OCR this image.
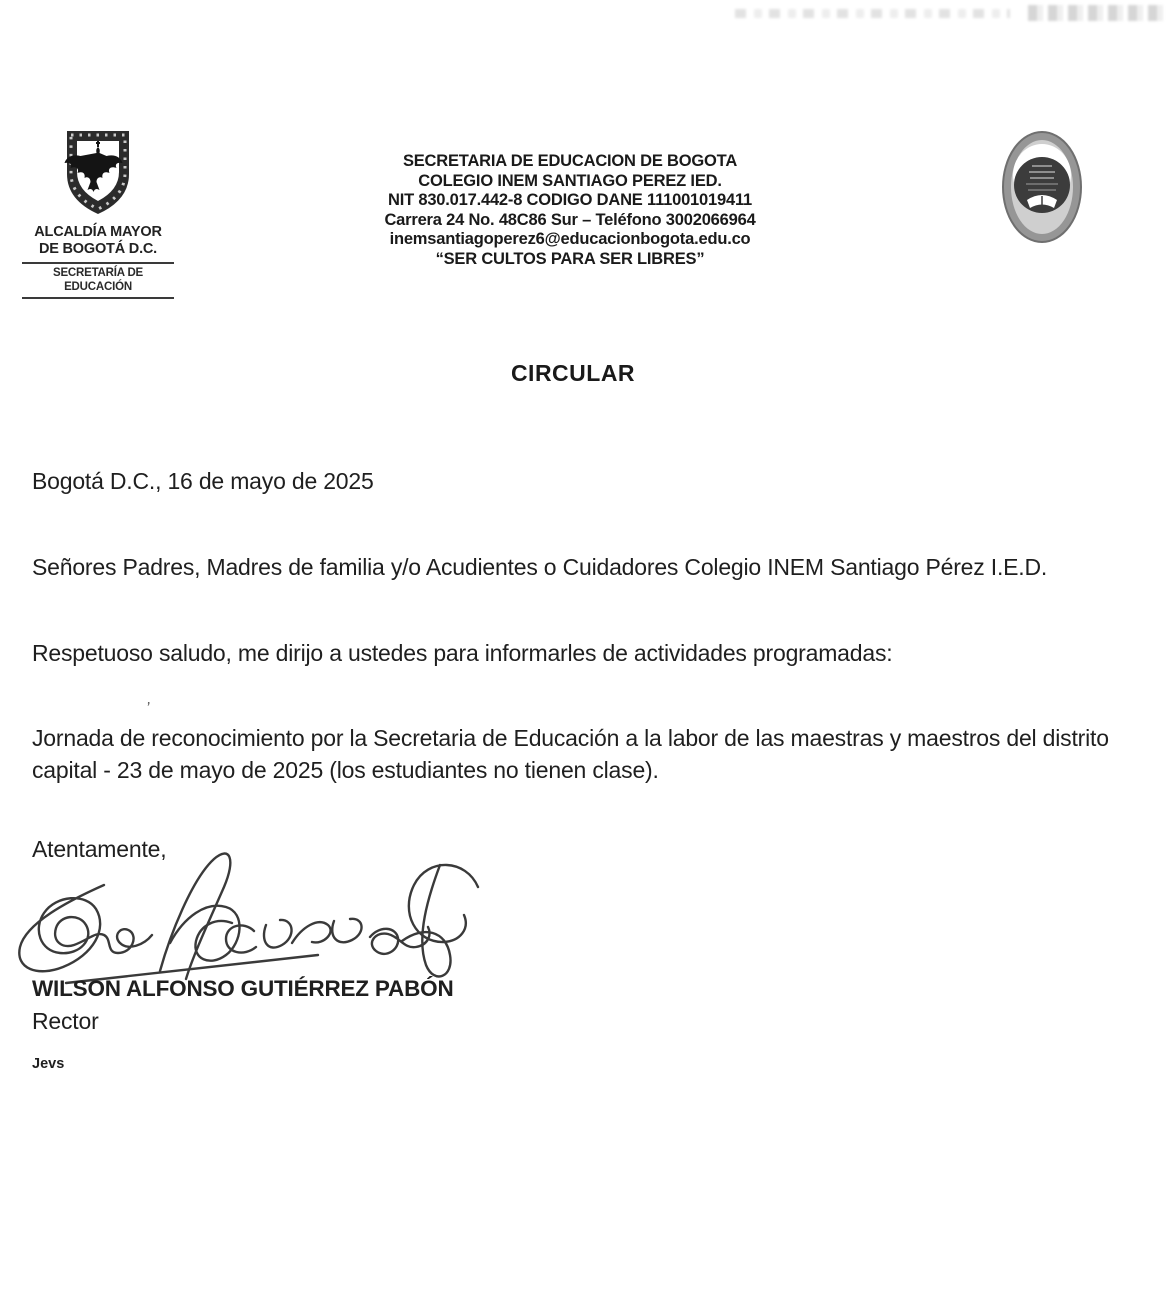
ALCALDÍA MAYOR
DE BOGOTÁ D.C.
SECRETARÍA DE EDUCACIÓN
SECRETARIA DE EDUCACION DE BOGOTA
COLEGIO INEM SANTIAGO PEREZ IED.
NIT 830.017.442-8 CODIGO DANE 111001019411
Carrera 24 No. 48C86 Sur – Teléfono 3002066964
inemsantiagoperez6@educacionbogota.edu.co
“SER CULTOS PARA SER LIBRES”
CIRCULAR
Bogotá D.C., 16 de mayo de 2025
Señores Padres, Madres de familia y/o Acudientes o Cuidadores Colegio INEM Santiago Pérez I.E.D.
Respetuoso saludo, me dirijo a ustedes para informarles de actividades programadas:
’
Jornada de reconocimiento por la Secretaria de Educación a la labor de las maestras y maestros del distrito capital - 23 de mayo de 2025 (los estudiantes no tienen clase).
Atentamente,
WILSON ALFONSO GUTIÉRREZ PABÓN
Rector
Jevs
